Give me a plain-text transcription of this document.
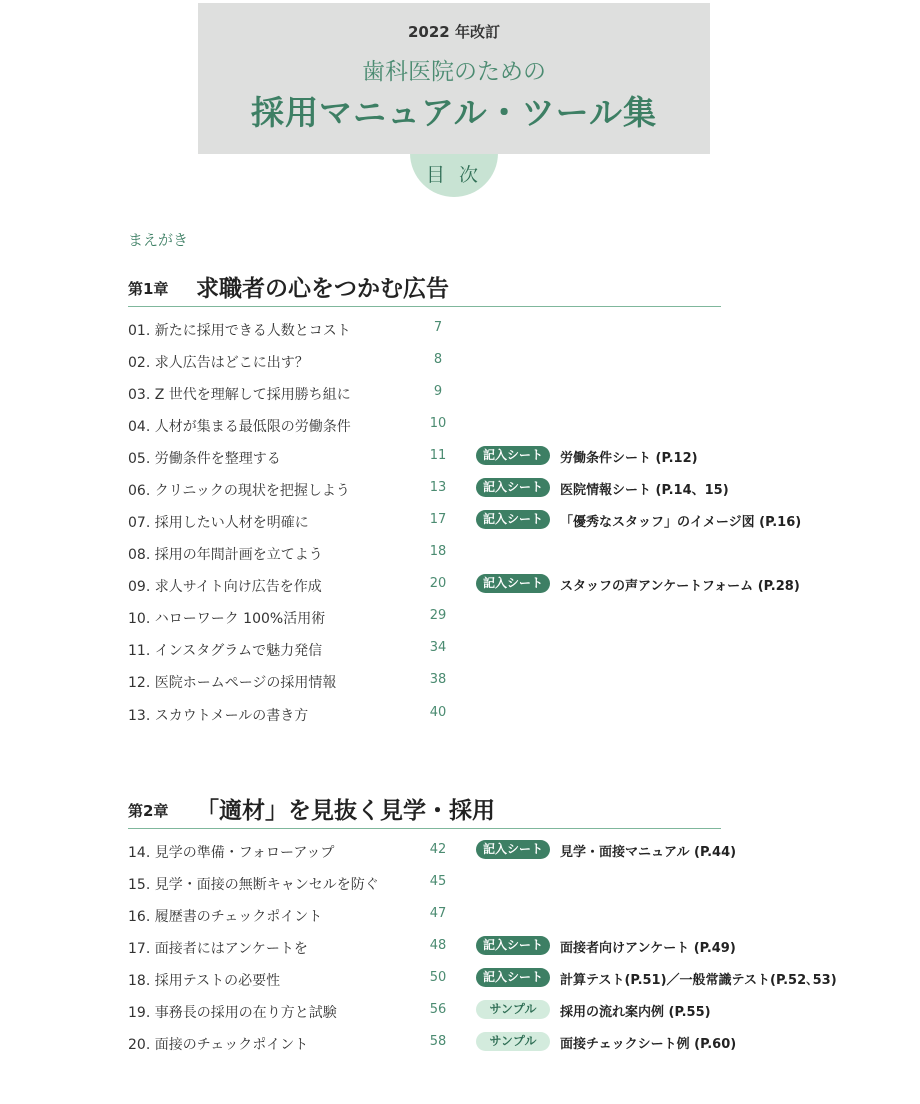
2022 年改訂
歯科医院のための
採用マニュアル・ツール集
目 次
まえがき
第1章 求職者の心をつかむ広告
01. 新たに採用できる人数とコスト	7
02. 求人広告はどこに出す？	8
03. Z 世代を理解して採用勝ち組に	9
04. 人材が集まる最低限の労働条件	10
05. 労働条件を整理する	11	記入シート	労働条件シート (P.12)
06. クリニックの現状を把握しよう	13	記入シート	医院情報シート (P.14、15)
07. 採用したい人材を明確に	17	記入シート	「優秀なスタッフ」のイメージ図 (P.16)
08. 採用の年間計画を立てよう	18
09. 求人サイト向け広告を作成	20	記入シート	スタッフの声アンケートフォーム (P.28)
10. ハローワーク 100%活用術	29
11. インスタグラムで魅力発信	34
12. 医院ホームページの採用情報	38
13. スカウトメールの書き方	40
第2章 「適材」を見抜く見学・採用
14. 見学の準備・フォローアップ	42	記入シート	見学・面接マニュアル (P.44)
15. 見学・面接の無断キャンセルを防ぐ	45
16. 履歴書のチェックポイント	47
17. 面接者にはアンケートを	48	記入シート	面接者向けアンケート (P.49)
18. 採用テストの必要性	50	記入シート	計算テスト(P.51)／一般常識テスト(P.52､53)
19. 事務長の採用の在り方と試験	56	サンプル	採用の流れ案内例 (P.55)
20. 面接のチェックポイント	58	サンプル	面接チェックシート例 (P.60)
